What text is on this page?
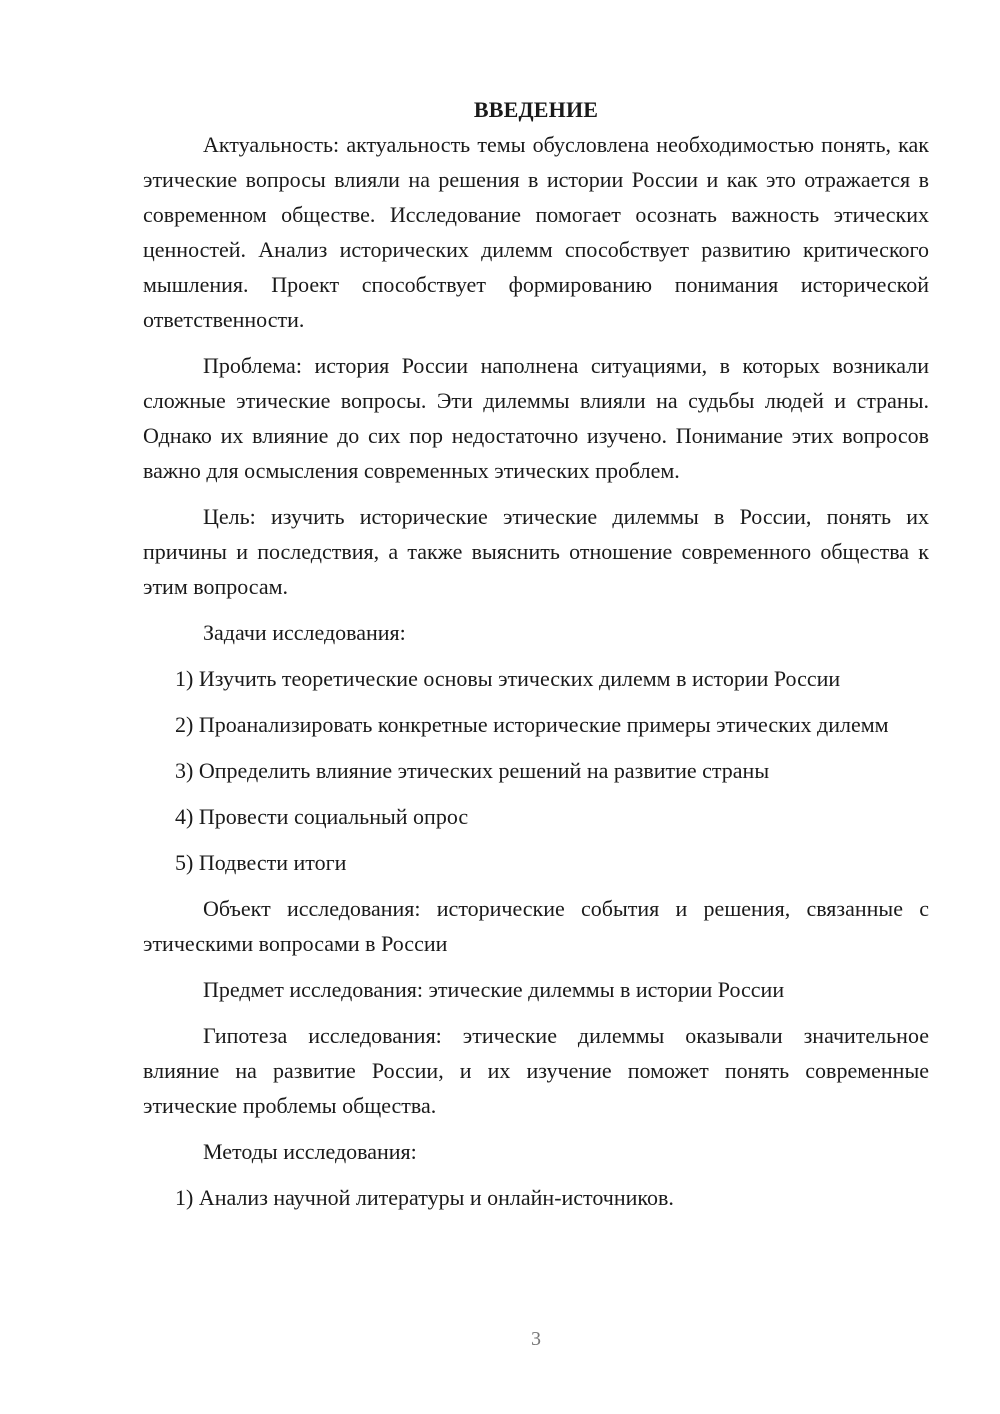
ВВЕДЕНИЕ

Актуальность: актуальность темы обусловлена необходимостью понять, как этические вопросы влияли на решения в истории России и как это отражается в современном обществе. Исследование помогает осознать важность этических ценностей. Анализ исторических дилемм способствует развитию критического мышления. Проект способствует формированию понимания исторической ответственности.

Проблема: история России наполнена ситуациями, в которых возникали сложные этические вопросы. Эти дилеммы влияли на судьбы людей и страны. Однако их влияние до сих пор недостаточно изучено. Понимание этих вопросов важно для осмысления современных этических проблем.

Цель: изучить исторические этические дилеммы в России, понять их причины и последствия, а также выяснить отношение современного общества к этим вопросам.

Задачи исследования:

1) Изучить теоретические основы этических дилемм в истории России

2) Проанализировать конкретные исторические примеры этических дилемм

3) Определить влияние этических решений на развитие страны

4) Провести социальный опрос

5) Подвести итоги

Объект исследования: исторические события и решения, связанные с этическими вопросами в России

Предмет исследования: этические дилеммы в истории России

Гипотеза исследования: этические дилеммы оказывали значительное влияние на развитие России, и их изучение поможет понять современные этические проблемы общества.

Методы исследования:

1) Анализ научной литературы и онлайн-источников.

3
